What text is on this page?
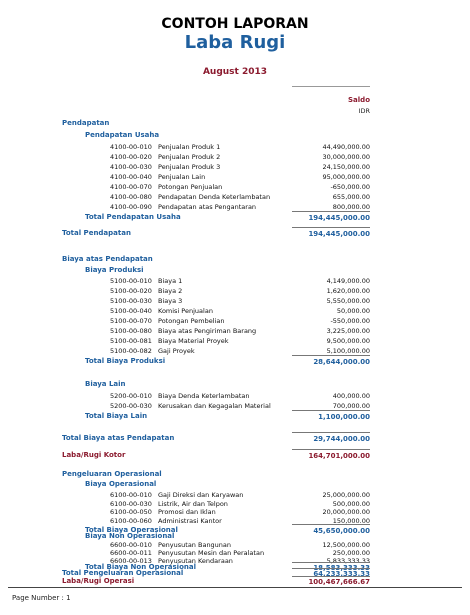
CONTOH LAPORAN
Laba Rugi
August 2013
Saldo
IDR
Pendapatan
Pendapatan Usaha
4100-00-010 Penjualan Produk 1	44,490,000.00
4100-00-020 Penjualan Produk 2	30,000,000.00
4100-00-030 Penjualan Produk 3	24,150,000.00
4100-00-040 Penjualan Lain	95,000,000.00
4100-00-070 Potongan Penjualan	-650,000.00
4100-00-080 Pendapatan Denda Keterlambatan	655,000.00
4100-00-090 Pendapatan atas Pengantaran	800,000.00
Total Pendapatan Usaha	194,445,000.00
Total Pendapatan	194,445,000.00
Biaya atas Pendapatan
Biaya Produksi
5100-00-010 Biaya 1	4,149,000.00
5100-00-020 Biaya 2	1,620,000.00
5100-00-030 Biaya 3	5,550,000.00
5100-00-040 Komisi Penjualan	50,000.00
5100-00-070 Potongan Pembelian	-550,000.00
5100-00-080 Biaya atas Pengiriman Barang	3,225,000.00
5100-00-081 Biaya Material Proyek	9,500,000.00
5100-00-082 Gaji Proyek	5,100,000.00
Total Biaya Produksi	28,644,000.00
Biaya Lain
5200-00-010 Biaya Denda Keterlambatan	400,000.00
5200-00-030 Kerusakan dan Kegagalan Material	700,000.00
Total Biaya Lain	1,100,000.00
Total Biaya atas Pendapatan	29,744,000.00
Laba/Rugi Kotor	164,701,000.00
Pengeluaran Operasional
Biaya Operasional
6100-00-010 Gaji Direksi dan Karyawan	25,000,000.00
6100-00-030 Listrik, Air dan Telpon	500,000.00
6100-00-050 Promosi dan Iklan	20,000,000.00
6100-00-060 Administrasi Kantor	150,000.00
Total Biaya Operasional	45,650,000.00
Biaya Non Operasional
6600-00-010 Penyusutan Bangunan	12,500,000.00
6600-00-011 Penyusutan Mesin dan Peralatan	250,000.00
Page Number : 1
6600-00-013 Penyusutan Kendaraan	5,833,333.33
Total Biaya Non Operasional	18,583,333.33
Total Pengeluaran Operasional	64,233,333.33
Laba/Rugi Operasi	100,467,666.67
